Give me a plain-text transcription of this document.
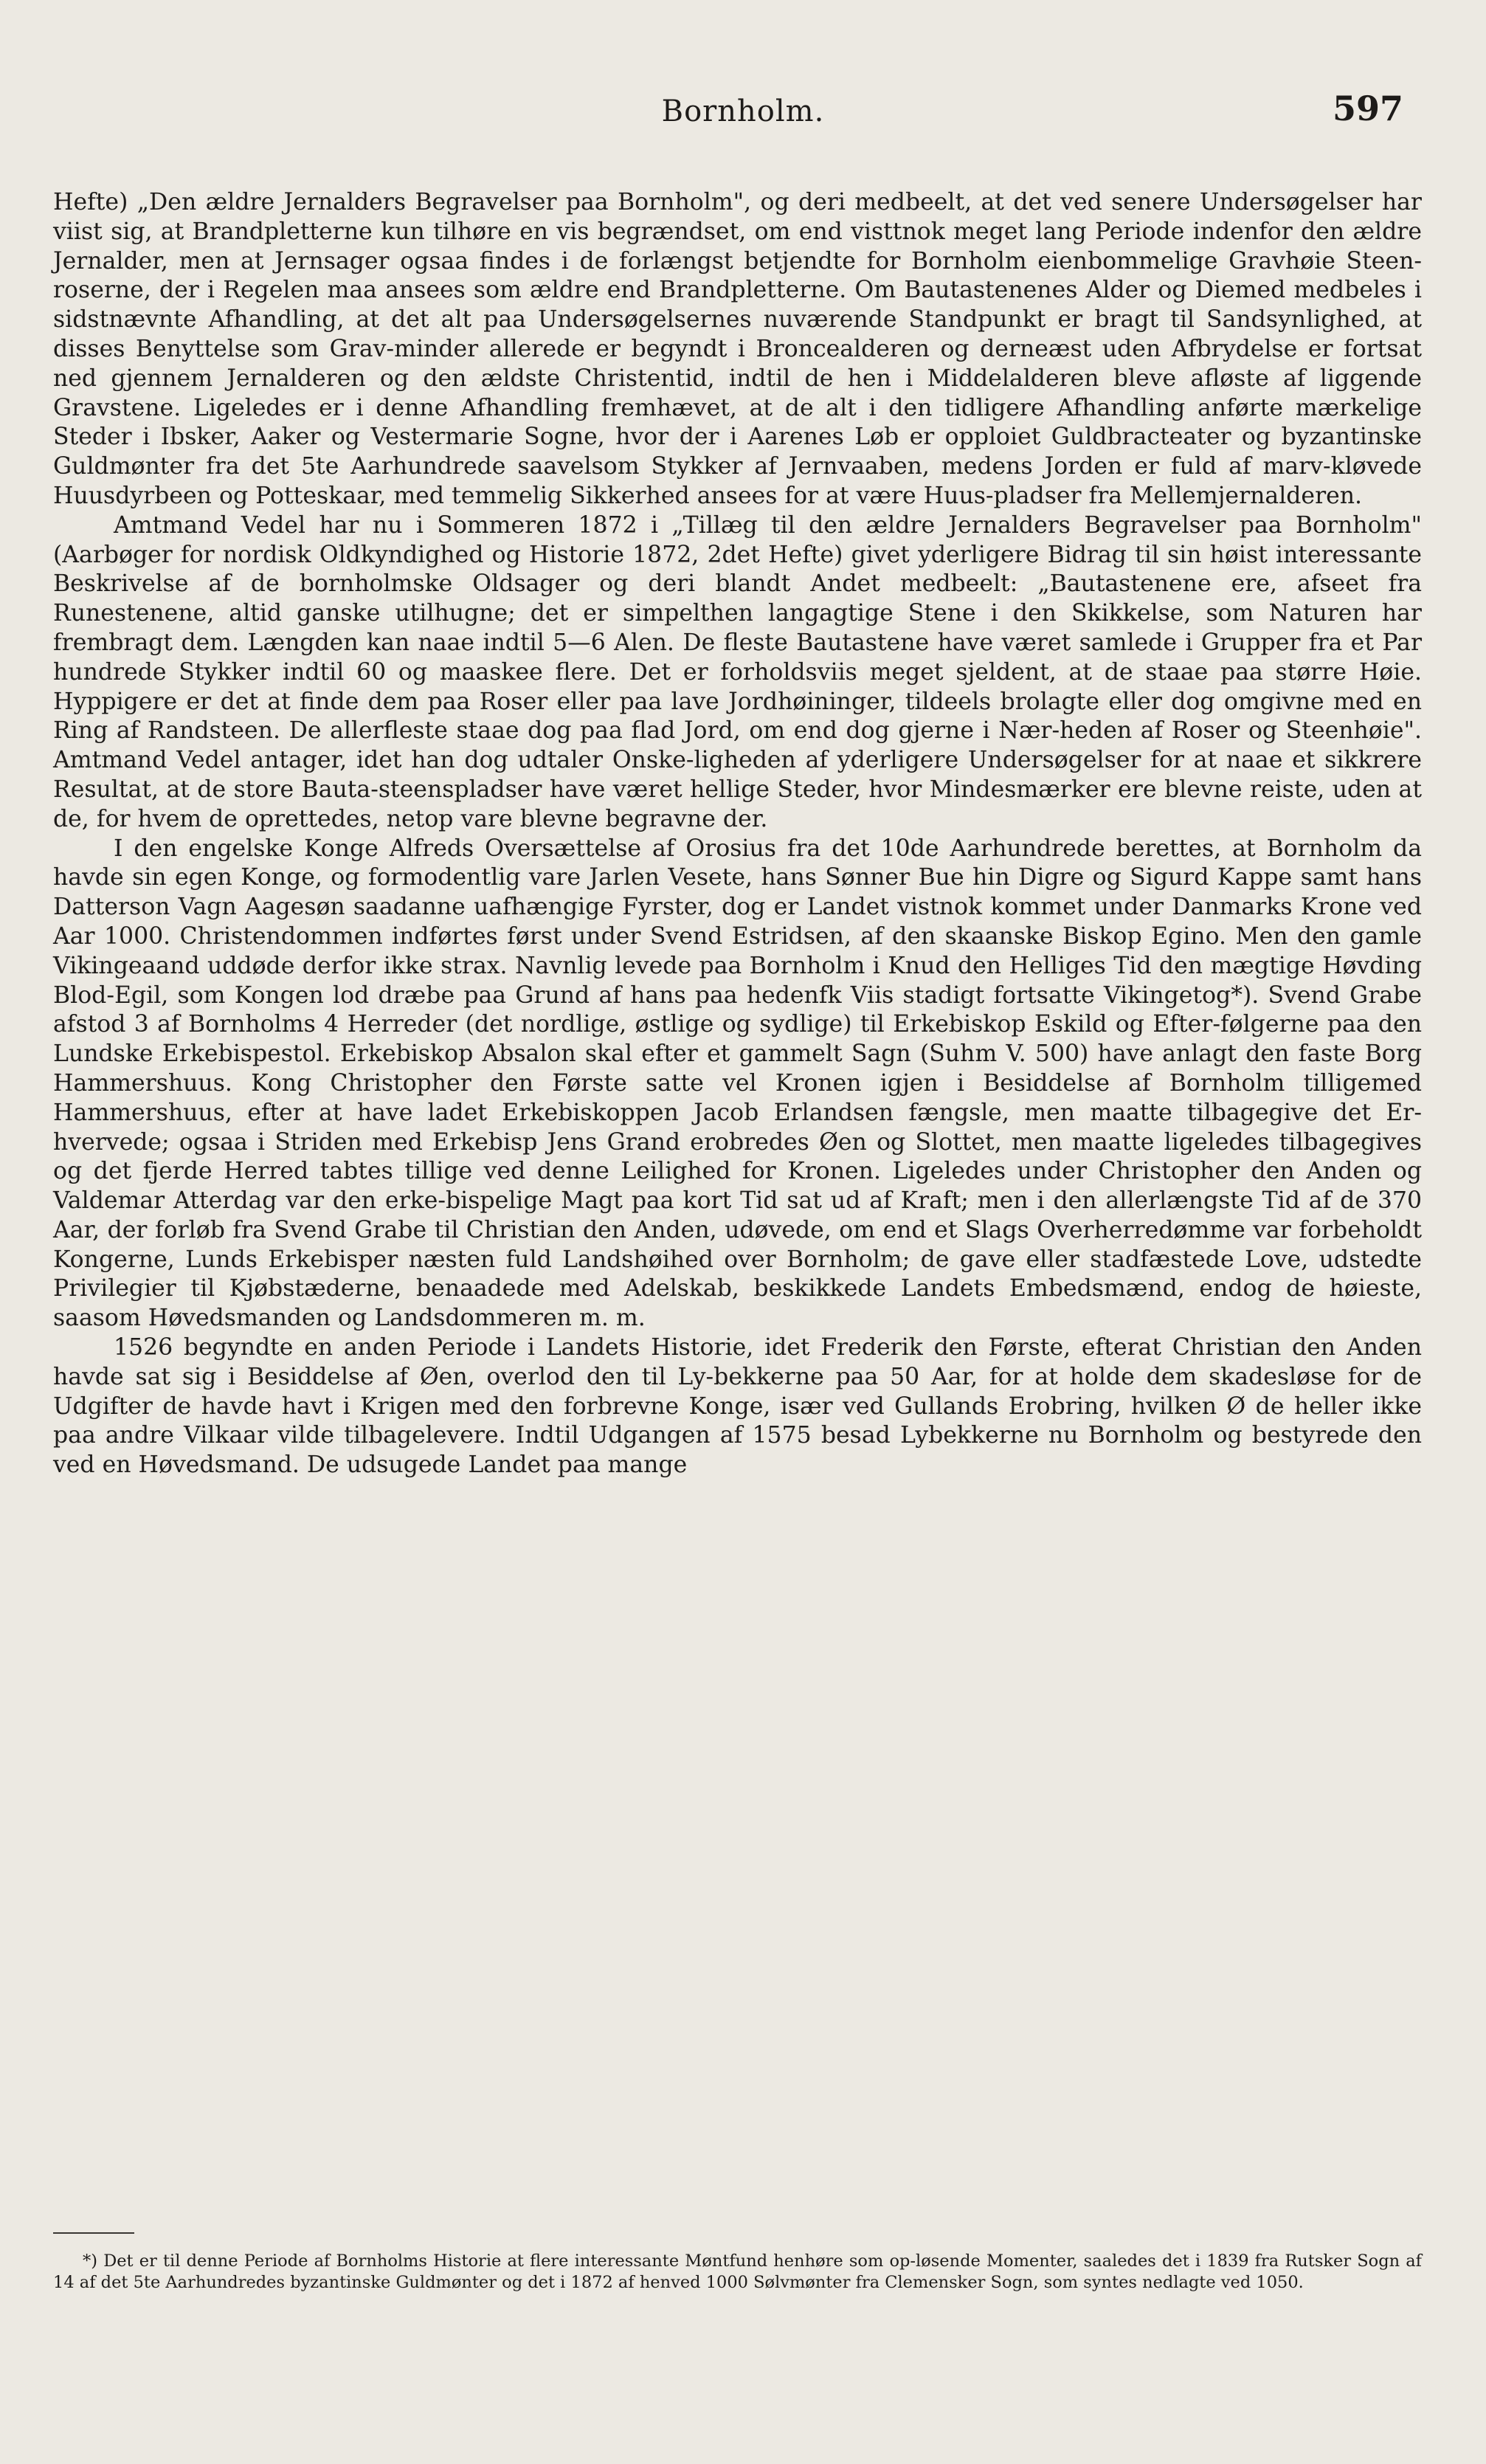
Bornholm.	597

Hefte) „Den ældre Jernalders Begravelser paa Bornholm", og deri medbeelt, at det ved senere Undersøgelser har viist sig, at Brandpletterne kun tilhøre en vis begrændset, om end visttnok meget lang Periode indenfor den ældre Jernalder, men at Jernsager ogsaa findes i de forlængst betjendte for Bornholm eienbommelige Gravhøie Steen-roserne, der i Regelen maa ansees som ældre end Brandpletterne. Om Bautastenenes Alder og Diemed medbeles i sidstnævnte Afhandling, at det alt paa Undersøgelsernes nuværende Standpunkt er bragt til Sandsynlighed, at disses Benyttelse som Grav-minder allerede er begyndt i Broncealderen og derneæst uden Afbrydelse er fortsat ned gjennem Jernalderen og den ældste Christentid, indtil de hen i Middelalderen bleve afløste af liggende Gravstene. Ligeledes er i denne Afhandling fremhævet, at de alt i den tidligere Afhandling anførte mærkelige Steder i Ibsker, Aaker og Vestermarie Sogne, hvor der i Aarenes Løb er opploiet Guldbracteater og byzantinske Guldmønter fra det 5te Aarhundrede saavelsom Stykker af Jernvaaben, medens Jorden er fuld af marv-kløvede Huusdyrbeen og Potteskaar, med temmelig Sikkerhed ansees for at være Huus-pladser fra Mellemjernalderen.

Amtmand Vedel har nu i Sommeren 1872 i „Tillæg til den ældre Jernalders Begravelser paa Bornholm" (Aarbøger for nordisk Oldkyndighed og Historie 1872, 2det Hefte) givet yderligere Bidrag til sin høist interessante Beskrivelse af de bornholmske Oldsager og deri blandt Andet medbeelt: „Bautastenene ere, afseet fra Runestenene, altid ganske utilhugne; det er simpelthen langagtige Stene i den Skikkelse, som Naturen har frembragt dem. Længden kan naae indtil 5—6 Alen. De fleste Bautastene have været samlede i Grupper fra et Par hundrede Stykker indtil 60 og maaskee flere. Det er forholdsviis meget sjeldent, at de staae paa større Høie. Hyppigere er det at finde dem paa Roser eller paa lave Jordhøininger, tildeels brolagte eller dog omgivne med en Ring af Randsteen. De allerfleste staae dog paa flad Jord, om end dog gjerne i Nær-heden af Roser og Steenhøie". Amtmand Vedel antager, idet han dog udtaler Onske-ligheden af yderligere Undersøgelser for at naae et sikkrere Resultat, at de store Bauta-steenspladser have været hellige Steder, hvor Mindesmærker ere blevne reiste, uden at de, for hvem de oprettedes, netop vare blevne begravne der.

I den engelske Konge Alfreds Oversættelse af Orosius fra det 10de Aarhundrede berettes, at Bornholm da havde sin egen Konge, og formodentlig vare Jarlen Vesete, hans Sønner Bue hin Digre og Sigurd Kappe samt hans Datterson Vagn Aagesøn saadanne uafhængige Fyrster, dog er Landet vistnok kommet under Danmarks Krone ved Aar 1000. Christendommen indførtes først under Svend Estridsen, af den skaanske Biskop Egino. Men den gamle Vikingeaand uddøde derfor ikke strax. Navnlig levede paa Bornholm i Knud den Helliges Tid den mægtige Høvding Blod-Egil, som Kongen lod dræbe paa Grund af hans paa hedenfk Viis stadigt fortsatte Vikingetog*). Svend Grabe afstod 3 af Bornholms 4 Herreder (det nordlige, østlige og sydlige) til Erkebiskop Eskild og Efter-følgerne paa den Lundske Erkebispestol. Erkebiskop Absalon skal efter et gammelt Sagn (Suhm V. 500) have anlagt den faste Borg Hammershuus. Kong Christopher den Første satte vel Kronen igjen i Besiddelse af Bornholm tilligemed Hammershuus, efter at have ladet Erkebiskoppen Jacob Erlandsen fængsle, men maatte tilbagegive det Er-hvervede; ogsaa i Striden med Erkebisp Jens Grand erobredes Øen og Slottet, men maatte ligeledes tilbagegives og det fjerde Herred tabtes tillige ved denne Leilighed for Kronen. Ligeledes under Christopher den Anden og Valdemar Atterdag var den erke-bispelige Magt paa kort Tid sat ud af Kraft; men i den allerlængste Tid af de 370 Aar, der forløb fra Svend Grabe til Christian den Anden, udøvede, om end et Slags Overherredømme var forbeholdt Kongerne, Lunds Erkebisper næsten fuld Landshøihed over Bornholm; de gave eller stadfæstede Love, udstedte Privilegier til Kjøbstæderne, benaadede med Adelskab, beskikkede Landets Embedsmænd, endog de høieste, saasom Høvedsmanden og Landsdommeren m. m.

1526 begyndte en anden Periode i Landets Historie, idet Frederik den Første, efterat Christian den Anden havde sat sig i Besiddelse af Øen, overlod den til Ly-bekkerne paa 50 Aar, for at holde dem skadesløse for de Udgifter de havde havt i Krigen med den forbrevne Konge, især ved Gullands Erobring, hvilken Ø de heller ikke paa andre Vilkaar vilde tilbagelevere. Indtil Udgangen af 1575 besad Lybekkerne nu Bornholm og bestyrede den ved en Høvedsmand. De udsugede Landet paa mange

*) Det er til denne Periode af Bornholms Historie at flere interessante Møntfund henhøre som op-løsende Momenter, saaledes det i 1839 fra Rutsker Sogn af 14 af det 5te Aarhundredes byzantinske Guldmønter og det i 1872 af henved 1000 Sølvmønter fra Clemensker Sogn, som syntes nedlagte ved 1050.
